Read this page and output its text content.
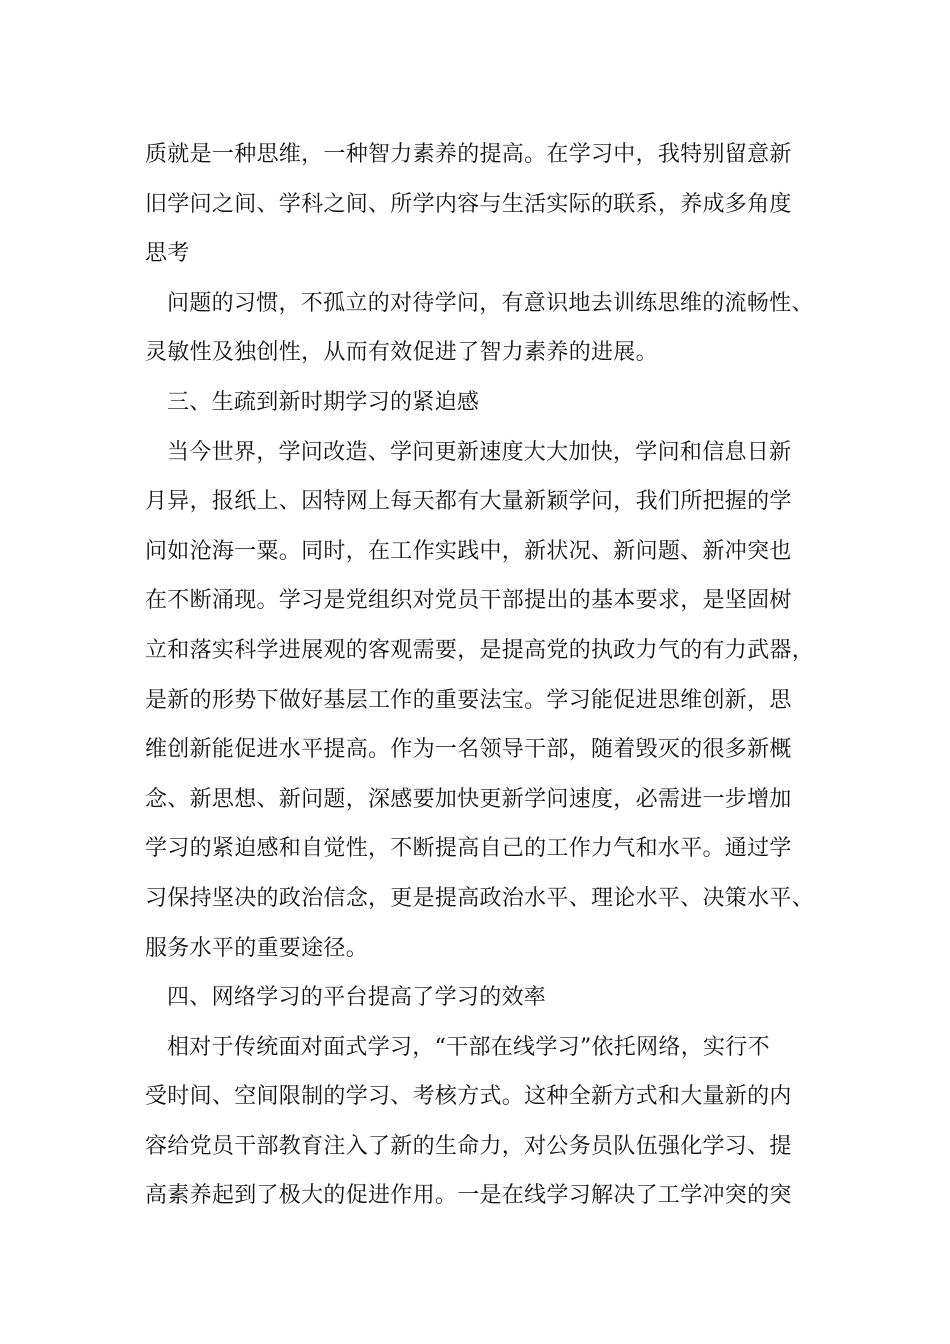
质就是一种思维，一种智力素养的提高。在学习中，我特别留意新
旧学问之间、学科之间、所学内容与生活实际的联系，养成多角度
思考
问题的习惯，不孤立的对待学问，有意识地去训练思维的流畅性、
灵敏性及独创性，从而有效促进了智力素养的进展。
三、生疏到新时期学习的紧迫感
当今世界，学问改造、学问更新速度大大加快，学问和信息日新
月异，报纸上、因特网上每天都有大量新颖学问，我们所把握的学
问如沧海一粟。同时，在工作实践中，新状况、新问题、新冲突也
在不断涌现。学习是党组织对党员干部提出的基本要求，是坚固树
立和落实科学进展观的客观需要，是提高党的执政力气的有力武器，
是新的形势下做好基层工作的重要法宝。学习能促进思维创新，思
维创新能促进水平提高。作为一名领导干部，随着毁灭的很多新概
念、新思想、新问题，深感要加快更新学问速度，必需进一步增加
学习的紧迫感和自觉性，不断提高自己的工作力气和水平。通过学
习保持坚决的政治信念，更是提高政治水平、理论水平、决策水平、
服务水平的重要途径。
四、网络学习的平台提高了学习的效率
相对于传统面对面式学习，“干部在线学习”依托网络，实行不
受时间、空间限制的学习、考核方式。这种全新方式和大量新的内
容给党员干部教育注入了新的生命力，对公务员队伍强化学习、提
高素养起到了极大的促进作用。一是在线学习解决了工学冲突的突
